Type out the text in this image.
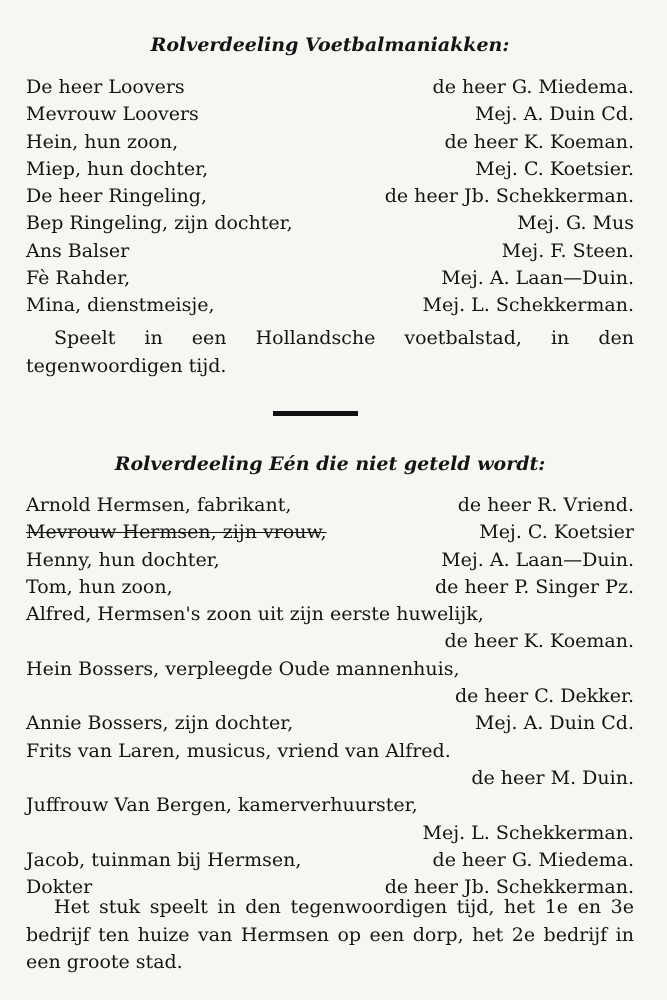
Rolverdeeling Voetbalmaniakken:
De heer Loovers	de heer G. Miedema.
Mevrouw Loovers	Mej. A. Duin Cd.
Hein, hun zoon,	de heer K. Koeman.
Miep, hun dochter,	Mej. C. Koetsier.
De heer Ringeling,	de heer Jb. Schekkerman.
Bep Ringeling, zijn dochter,	Mej. G. Mus
Ans Balser	Mej. F. Steen.
Fè Rahder,	Mej. A. Laan—Duin.
Mina, dienstmeisje,	Mej. L. Schekkerman.

Speelt in een Hollandsche voetbalstad, in den tegenwoordigen tijd.

Rolverdeeling Eén die niet geteld wordt:
Arnold Hermsen, fabrikant,	de heer R. Vriend.
Mevrouw Hermsen, zijn vrouw,	Mej. C. Koetsier
Henny, hun dochter,	Mej. A. Laan—Duin.
Tom, hun zoon,	de heer P. Singer Pz.
Alfred, Hermsen's zoon uit zijn eerste huwelijk,
de heer K. Koeman.
Hein Bossers, verpleegde Oude mannenhuis,
de heer C. Dekker.
Annie Bossers, zijn dochter,	Mej. A. Duin Cd.
Frits van Laren, musicus, vriend van Alfred.
de heer M. Duin.
Juffrouw Van Bergen, kamerverhuurster,
Mej. L. Schekkerman.
Jacob, tuinman bij Hermsen,	de heer G. Miedema.
Dokter	de heer Jb. Schekkerman.

Het stuk speelt in den tegenwoordigen tijd, het 1e en 3e bedrijf ten huize van Hermsen op een dorp, het 2e bedrijf in een groote stad.
